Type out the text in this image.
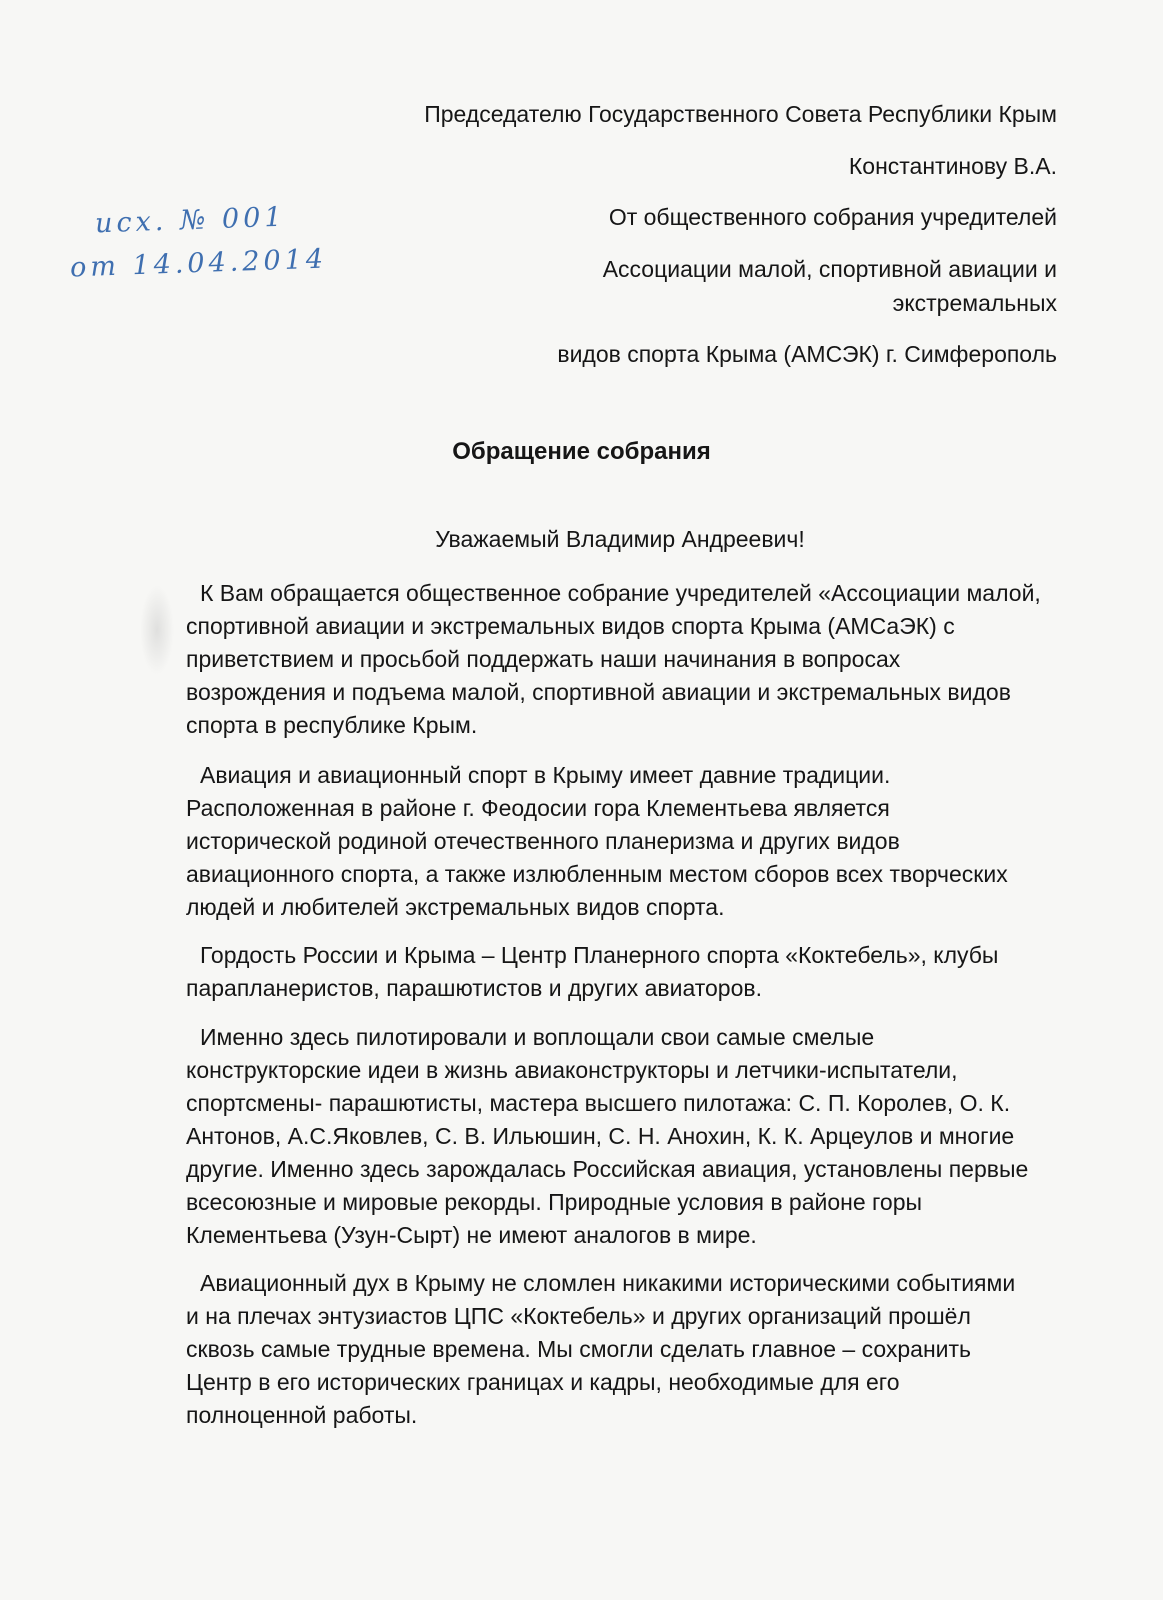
Председателю Государственного Совета Республики Крым
Константинову В.А.
От общественного собрания учредителей
Ассоциации малой, спортивной авиации и
экстремальных
видов спорта Крыма (АМСЭК) г. Симферополь
исх. № 001
от 14.04.2014
Обращение собрания
Уважаемый Владимир Андреевич!
К Вам обращается общественное собрание учредителей «Ассоциации малой,
спортивной авиации и экстремальных видов спорта Крыма (АМСаЭК) с
приветствием и просьбой поддержать наши начинания в вопросах
возрождения и подъема малой, спортивной авиации и экстремальных видов
спорта в республике Крым.
Авиация и авиационный спорт в Крыму имеет давние традиции.
Расположенная в районе г. Феодосии гора Клементьева является
исторической родиной отечественного планеризма и других видов
авиационного спорта, а также излюбленным местом сборов всех творческих
людей и любителей экстремальных видов спорта.
Гордость России и Крыма – Центр Планерного спорта «Коктебель», клубы
парапланеристов, парашютистов и других авиаторов.
Именно здесь пилотировали и воплощали свои самые смелые
конструкторские идеи в жизнь авиаконструкторы и летчики-испытатели,
спортсмены- парашютисты, мастера высшего пилотажа: С. П. Королев, О. К.
Антонов, А.С.Яковлев, С. В. Ильюшин, С. Н. Анохин, К. К. Арцеулов и многие
другие. Именно здесь зарождалась Российская авиация, установлены первые
всесоюзные и мировые рекорды. Природные условия в районе горы
Клементьева (Узун-Сырт) не имеют аналогов в мире.
Авиационный дух в Крыму не сломлен никакими историческими событиями
и на плечах энтузиастов ЦПС «Коктебель» и других организаций прошёл
сквозь самые трудные времена. Мы смогли сделать главное – сохранить
Центр в его исторических границах и кадры, необходимые для его
полноценной работы.
